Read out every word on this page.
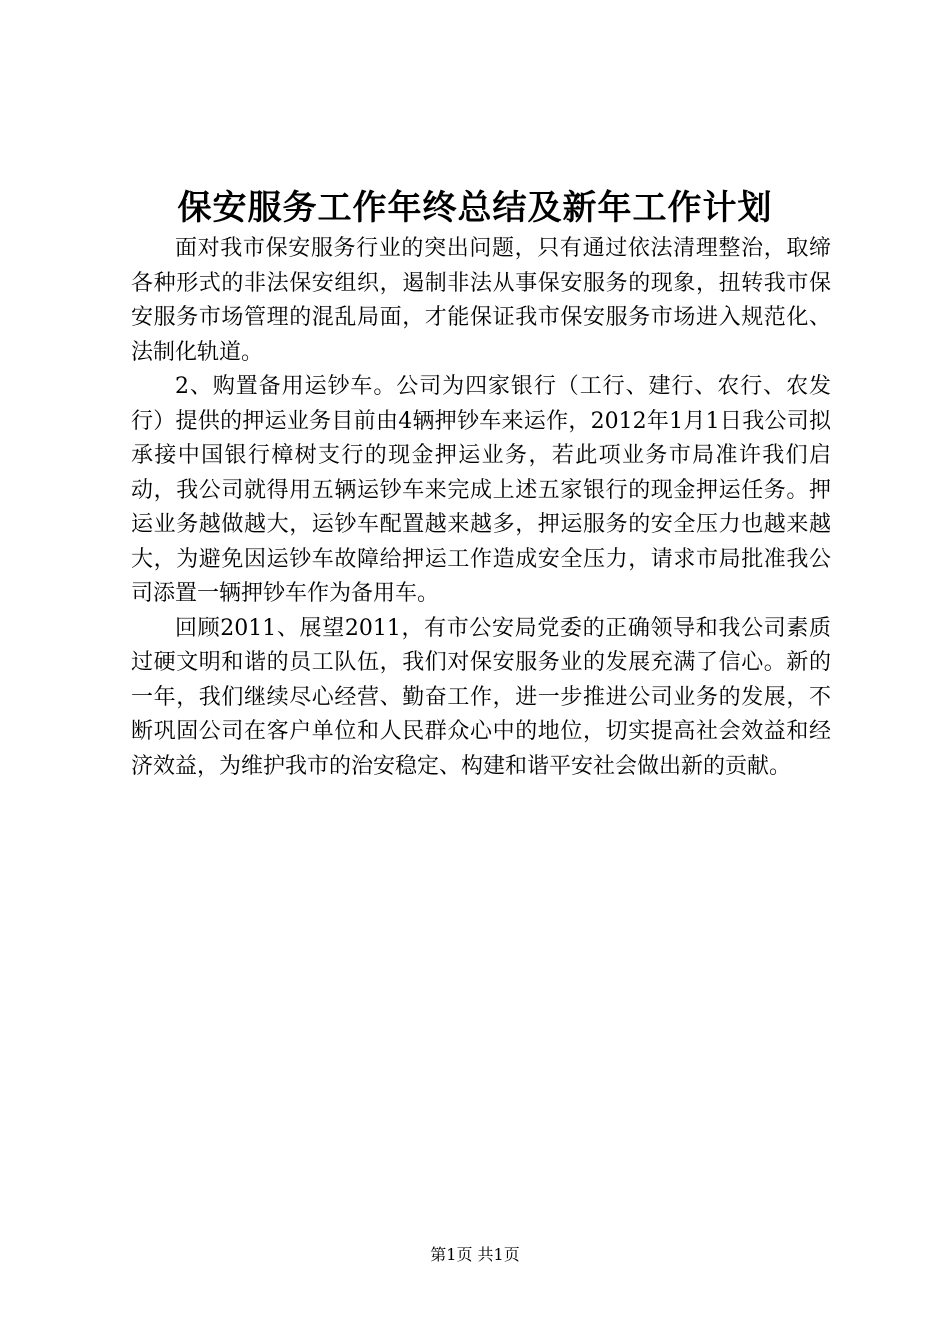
保安服务工作年终总结及新年工作计划

面对我市保安服务行业的突出问题，只有通过依法清理整治，取缔各种形式的非法保安组织，遏制非法从事保安服务的现象，扭转我市保安服务市场管理的混乱局面，才能保证我市保安服务市场进入规范化、法制化轨道。

2、购置备用运钞车。公司为四家银行（工行、建行、农行、农发行）提供的押运业务目前由4辆押钞车来运作，2012年1月1日我公司拟承接中国银行樟树支行的现金押运业务，若此项业务市局准许我们启动，我公司就得用五辆运钞车来完成上述五家银行的现金押运任务。押运业务越做越大，运钞车配置越来越多，押运服务的安全压力也越来越大，为避免因运钞车故障给押运工作造成安全压力，请求市局批准我公司添置一辆押钞车作为备用车。

回顾2011、展望2011，有市公安局党委的正确领导和我公司素质过硬文明和谐的员工队伍，我们对保安服务业的发展充满了信心。新的一年，我们继续尽心经营、勤奋工作，进一步推进公司业务的发展，不断巩固公司在客户单位和人民群众心中的地位，切实提高社会效益和经济效益，为维护我市的治安稳定、构建和谐平安社会做出新的贡献。

第1页 共1页
